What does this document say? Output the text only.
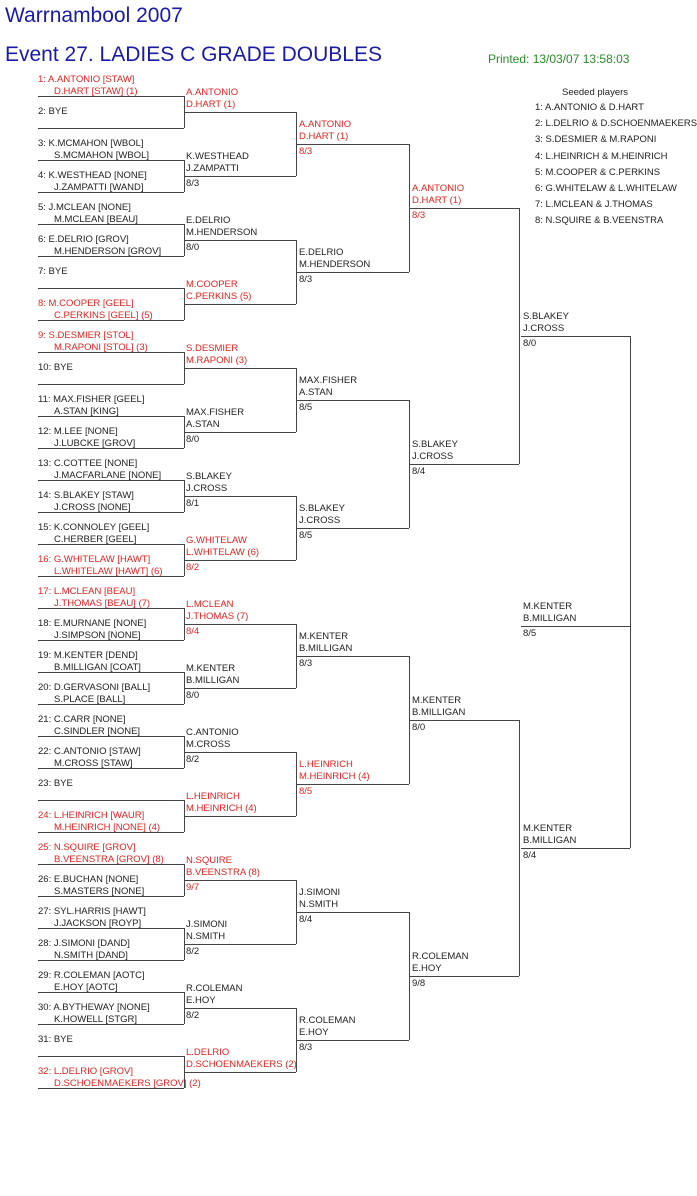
Warrnambool 2007
Event 27. LADIES C GRADE DOUBLES	Printed: 13/03/07 13:58:03
Seeded players
1: A.ANTONIO [STAW]
D.HART [STAW] (1)
2: BYE
3: K.MCMAHON [WBOL]
S.MCMAHON [WBOL]
4: K.WESTHEAD [NONE]
J.ZAMPATTI [WAND]
5: J.MCLEAN [NONE]
M.MCLEAN [BEAU]
6: E.DELRIO [GROV]
M.HENDERSON [GROV]
7: BYE
8: M.COOPER [GEEL]
C.PERKINS [GEEL] (5)
9: S.DESMIER [STOL]
M.RAPONI [STOL] (3)
10: BYE
11: MAX.FISHER [GEEL]
A.STAN [KING]
12: M.LEE [NONE]
J.LUBCKE [GROV]
13: C.COTTEE [NONE]
J.MACFARLANE [NONE]
14: S.BLAKEY [STAW]
J.CROSS [NONE]
15: K.CONNOLEY [GEEL]
C.HERBER [GEEL]
16: G.WHITELAW [HAWT]
L.WHITELAW [HAWT] (6)
17: L.MCLEAN [BEAU]
J.THOMAS [BEAU] (7)
18: E.MURNANE [NONE]
J.SIMPSON [NONE]
19: M.KENTER [DEND]
B.MILLIGAN [COAT]
20: D.GERVASONI [BALL]
S.PLACE [BALL]
21: C.CARR [NONE]
C.SINDLER [NONE]
22: C.ANTONIO [STAW]
M.CROSS [STAW]
23: BYE
24: L.HEINRICH [WAUR]
M.HEINRICH [NONE] (4)
25: N.SQUIRE [GROV]
B.VEENSTRA [GROV] (8)
26: E.BUCHAN [NONE]
S.MASTERS [NONE]
27: SYL.HARRIS [HAWT]
J.JACKSON [ROYP]
28: J.SIMONI [DAND]
N.SMITH [DAND]
29: R.COLEMAN [AOTC]
E.HOY [AOTC]
30: A.BYTHEWAY [NONE]
K.HOWELL [STGR]
31: BYE
32: L.DELRIO [GROV]
D.SCHOENMAEKERS [GROV] (2)
A.ANTONIO
D.HART (1)
K.WESTHEAD
J.ZAMPATTI
8/3
E.DELRIO
M.HENDERSON
8/0
M.COOPER
C.PERKINS (5)
S.DESMIER
M.RAPONI (3)
MAX.FISHER
A.STAN
8/0
S.BLAKEY
J.CROSS
8/1
G.WHITELAW
L.WHITELAW (6)
8/2
L.MCLEAN
J.THOMAS (7)
8/4
M.KENTER
B.MILLIGAN
8/0
C.ANTONIO
M.CROSS
8/2
L.HEINRICH
M.HEINRICH (4)
N.SQUIRE
B.VEENSTRA (8)
9/7
J.SIMONI
N.SMITH
8/2
R.COLEMAN
E.HOY
8/2
L.DELRIO
D.SCHOENMAEKERS (2)
A.ANTONIO
D.HART (1)
8/3
E.DELRIO
M.HENDERSON
8/3
MAX.FISHER
A.STAN
8/5
S.BLAKEY
J.CROSS
8/5
M.KENTER
B.MILLIGAN
8/3
L.HEINRICH
M.HEINRICH (4)
8/5
J.SIMONI
N.SMITH
8/4
R.COLEMAN
E.HOY
8/3
A.ANTONIO
D.HART (1)
8/3
S.BLAKEY
J.CROSS
8/4
M.KENTER
B.MILLIGAN
8/0
R.COLEMAN
E.HOY
9/8
S.BLAKEY
J.CROSS
8/0
M.KENTER
B.MILLIGAN
8/4
M.KENTER
B.MILLIGAN
8/5
1: A.ANTONIO & D.HART
2: L.DELRIO & D.SCHOENMAEKERS
3: S.DESMIER & M.RAPONI
4: L.HEINRICH & M.HEINRICH
5: M.COOPER & C.PERKINS
6: G.WHITELAW & L.WHITELAW
7: L.MCLEAN & J.THOMAS
8: N.SQUIRE & B.VEENSTRA
